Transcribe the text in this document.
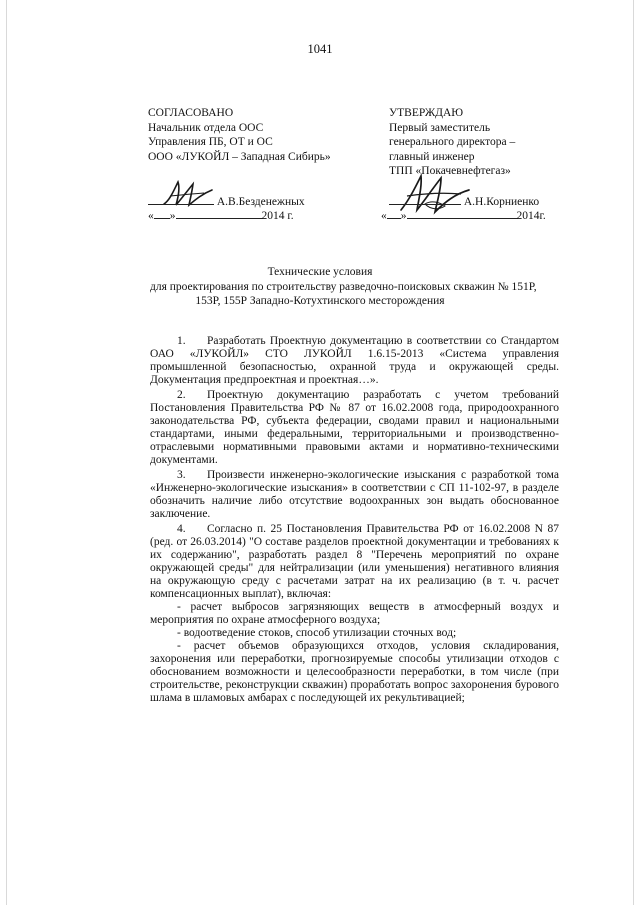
1041
СОГЛАСОВАНО
Начальник отдела ООС
Управления ПБ, ОТ и ОС
ООО «ЛУКОЙЛ – Западная Сибирь»
А.В.Безденежных
« »	2014 г.
УТВЕРЖДАЮ
Первый заместитель
генерального директора –
главный инженер
ТПП «Покачевнефтегаз»
А.Н.Корниенко
« »	2014г.
Технические условия
для проектирования по строительству разведочно-поисковых скважин № 151Р,
153Р, 155Р Западно-Котухтинского месторождения

1. Разработать Проектную документацию в соответствии со Стандартом ОАО «ЛУКОЙЛ» СТО ЛУКОЙЛ 1.6.15-2013 «Система управления промышленной безопасностью, охранной труда и окружающей среды. Документация предпроектная и проектная…».

2. Проектную документацию разработать с учетом требований Постановления Правительства РФ № 87 от 16.02.2008 года, природоохранного законодательства РФ, субъекта федерации, сводами правил и национальными стандартами, иными федеральными, территориальными и производственно-отраслевыми нормативными правовыми актами и нормативно-техническими документами.

3. Произвести инженерно-экологические изыскания с разработкой тома «Инженерно-экологические изыскания» в соответствии с СП 11-102-97, в разделе обозначить наличие либо отсутствие водоохранных зон выдать обоснованное заключение.

4. Согласно п. 25 Постановления Правительства РФ от 16.02.2008 N 87 (ред. от 26.03.2014) "О составе разделов проектной документации и требованиях к их содержанию", разработать раздел 8 "Перечень мероприятий по охране окружающей среды" для нейтрализации (или уменьшения) негативного влияния на окружающую среду с расчетами затрат на их реализацию (в т. ч. расчет компенсационных выплат), включая:

- расчет выбросов загрязняющих веществ в атмосферный воздух и мероприятия по охране атмосферного воздуха;

- водоотведение стоков, способ утилизации сточных вод;

- расчет объемов образующихся отходов, условия складирования, захоронения или переработки, прогнозируемые способы утилизации отходов с обоснованием возможности и целесообразности переработки, в том числе (при строительстве, реконструкции скважин) проработать вопрос захоронения бурового шлама в шламовых амбарах с последующей их рекультивацией;
